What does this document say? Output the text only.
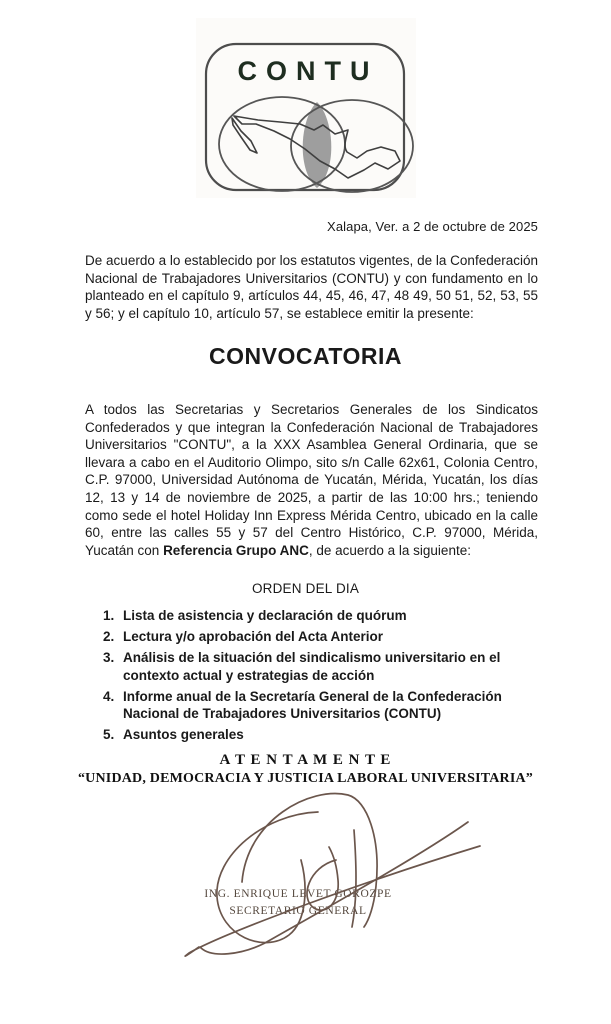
CONTU
Xalapa, Ver. a 2 de octubre de 2025
De acuerdo a lo establecido por los estatutos vigentes, de la Confederación Nacional de Trabajadores Universitarios (CONTU) y con fundamento en lo planteado en el capítulo 9, artículos 44, 45, 46, 47, 48 49, 50 51, 52, 53, 55 y 56; y el capítulo 10, artículo 57, se establece emitir la presente:
CONVOCATORIA
A todos las Secretarias y Secretarios Generales de los Sindicatos Confederados y que integran la Confederación Nacional de Trabajadores Universitarios "CONTU", a la XXX Asamblea General Ordinaria, que se llevara a cabo en el Auditorio Olimpo, sito s/n Calle 62x61, Colonia Centro, C.P. 97000, Universidad Autónoma de Yucatán, Mérida, Yucatán, los días 12, 13 y 14 de noviembre de 2025, a partir de las 10:00 hrs.; teniendo como sede el hotel Holiday Inn Express Mérida Centro, ubicado en la calle 60, entre las calles 55 y 57 del Centro Histórico, C.P. 97000, Mérida, Yucatán con Referencia Grupo ANC, de acuerdo a la siguiente:
ORDEN DEL DIA
1. Lista de asistencia y declaración de quórum
2. Lectura y/o aprobación del Acta Anterior
3. Análisis de la situación del sindicalismo universitario en el contexto actual y estrategias de acción
4. Informe anual de la Secretaría General de la Confederación Nacional de Trabajadores Universitarios (CONTU)
5. Asuntos generales
A T E N T A M E N T E
“UNIDAD, DEMOCRACIA Y JUSTICIA LABORAL UNIVERSITARIA”
ING. ENRIQUE LEVET GOROZPE
SECRETARIO GENERAL
